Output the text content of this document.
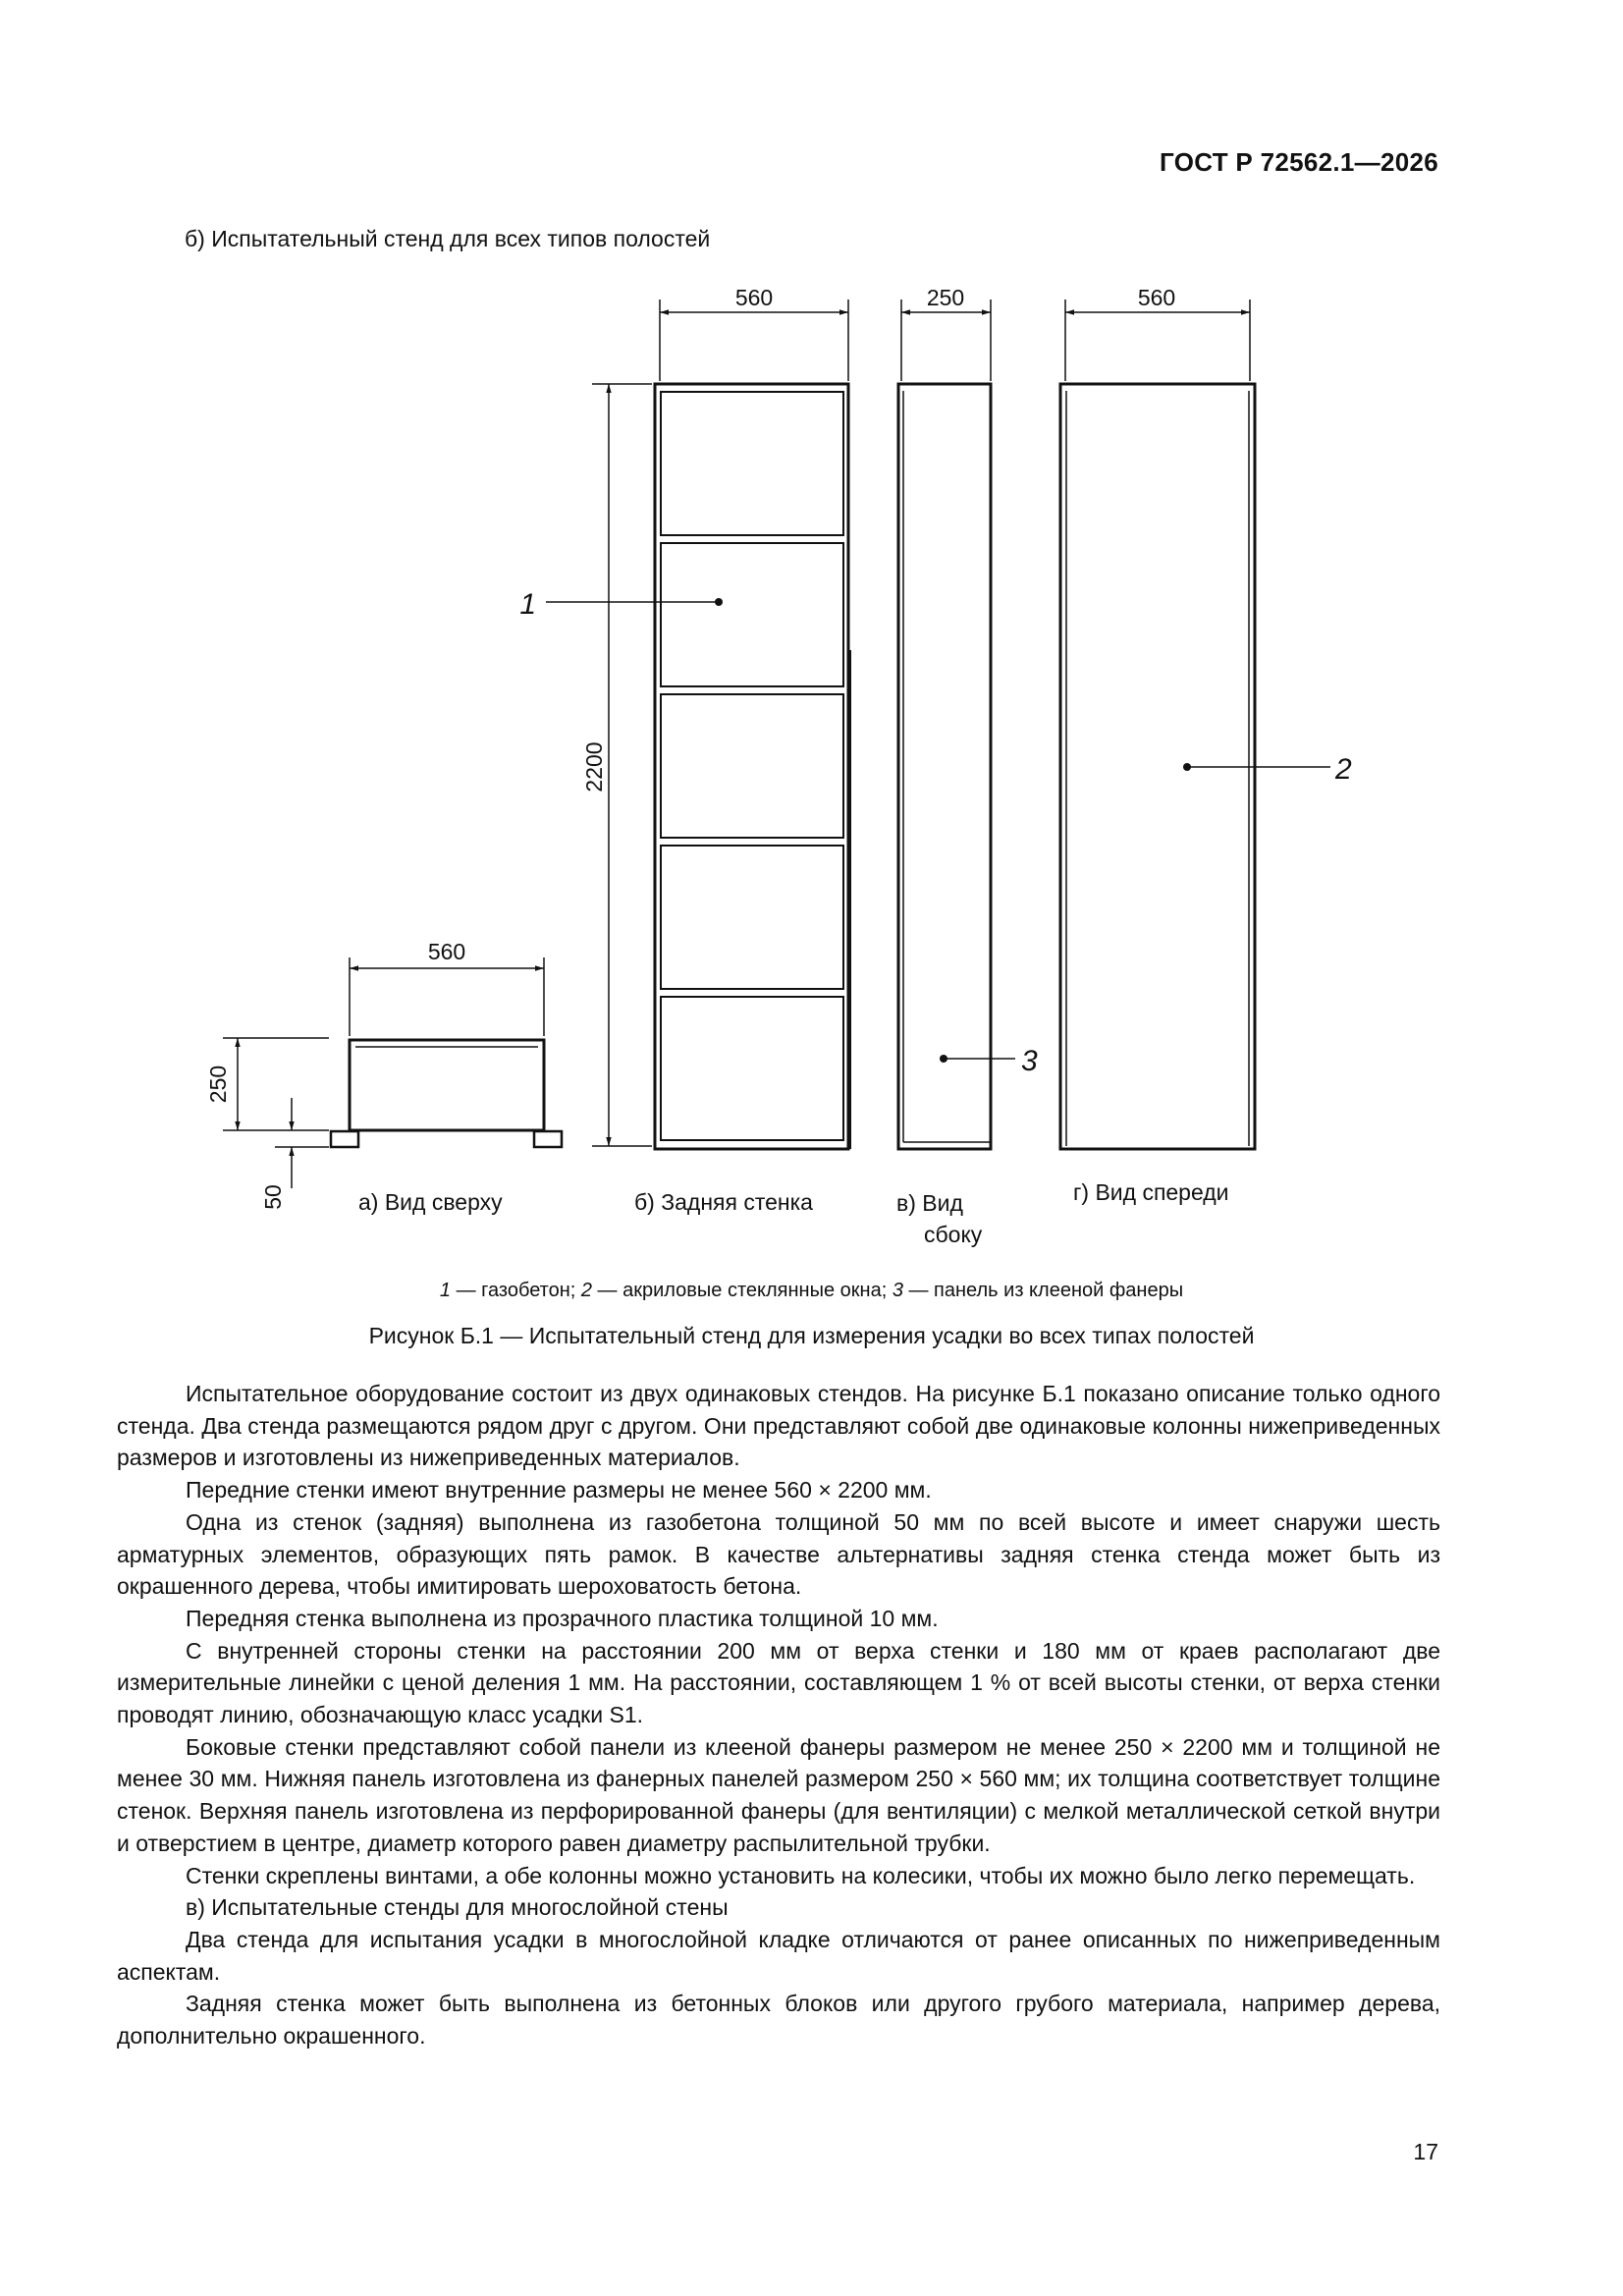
ГОСТ Р 72562.1—2026
б) Испытательный стенд для всех типов полостей
560	250	560
2200
560
250
50
1
2
3
а) Вид сверху	б) Задняя стенка	в) Вид
сбоку
г) Вид спереди
1 — газобетон; 2 — акриловые стеклянные окна; 3 — панель из клееной фанеры
Рисунок Б.1 — Испытательный стенд для измерения усадки во всех типах полостей

Испытательное оборудование состоит из двух одинаковых стендов. На рисунке Б.1 показано описание только одного стенда. Два стенда размещаются рядом друг с другом. Они представляют собой две одинаковые колонны нижеприведенных размеров и изготовлены из нижеприведенных материалов.

Передние стенки имеют внутренние размеры не менее 560 × 2200 мм.

Одна из стенок (задняя) выполнена из газобетона толщиной 50 мм по всей высоте и имеет снаружи шесть арматурных элементов, образующих пять рамок. В качестве альтернативы задняя стенка стенда может быть из окрашенного дерева, чтобы имитировать шероховатость бетона.

Передняя стенка выполнена из прозрачного пластика толщиной 10 мм.

С внутренней стороны стенки на расстоянии 200 мм от верха стенки и 180 мм от краев располагают две измерительные линейки с ценой деления 1 мм. На расстоянии, составляющем 1 % от всей высоты стенки, от верха стенки проводят линию, обозначающую класс усадки S1.

Боковые стенки представляют собой панели из клееной фанеры размером не менее 250 × 2200 мм и толщиной не менее 30 мм. Нижняя панель изготовлена из фанерных панелей размером 250 × 560 мм; их толщина соответствует толщине стенок. Верхняя панель изготовлена из перфорированной фанеры (для вентиляции) с мелкой металлической сеткой внутри и отверстием в центре, диаметр которого равен диаметру распылительной трубки.

Стенки скреплены винтами, а обе колонны можно установить на колесики, чтобы их можно было легко перемещать.

в) Испытательные стенды для многослойной стены

Два стенда для испытания усадки в многослойной кладке отличаются от ранее описанных по нижеприведенным аспектам.

Задняя стенка может быть выполнена из бетонных блоков или другого грубого материала, например дерева, дополнительно окрашенного.

17
